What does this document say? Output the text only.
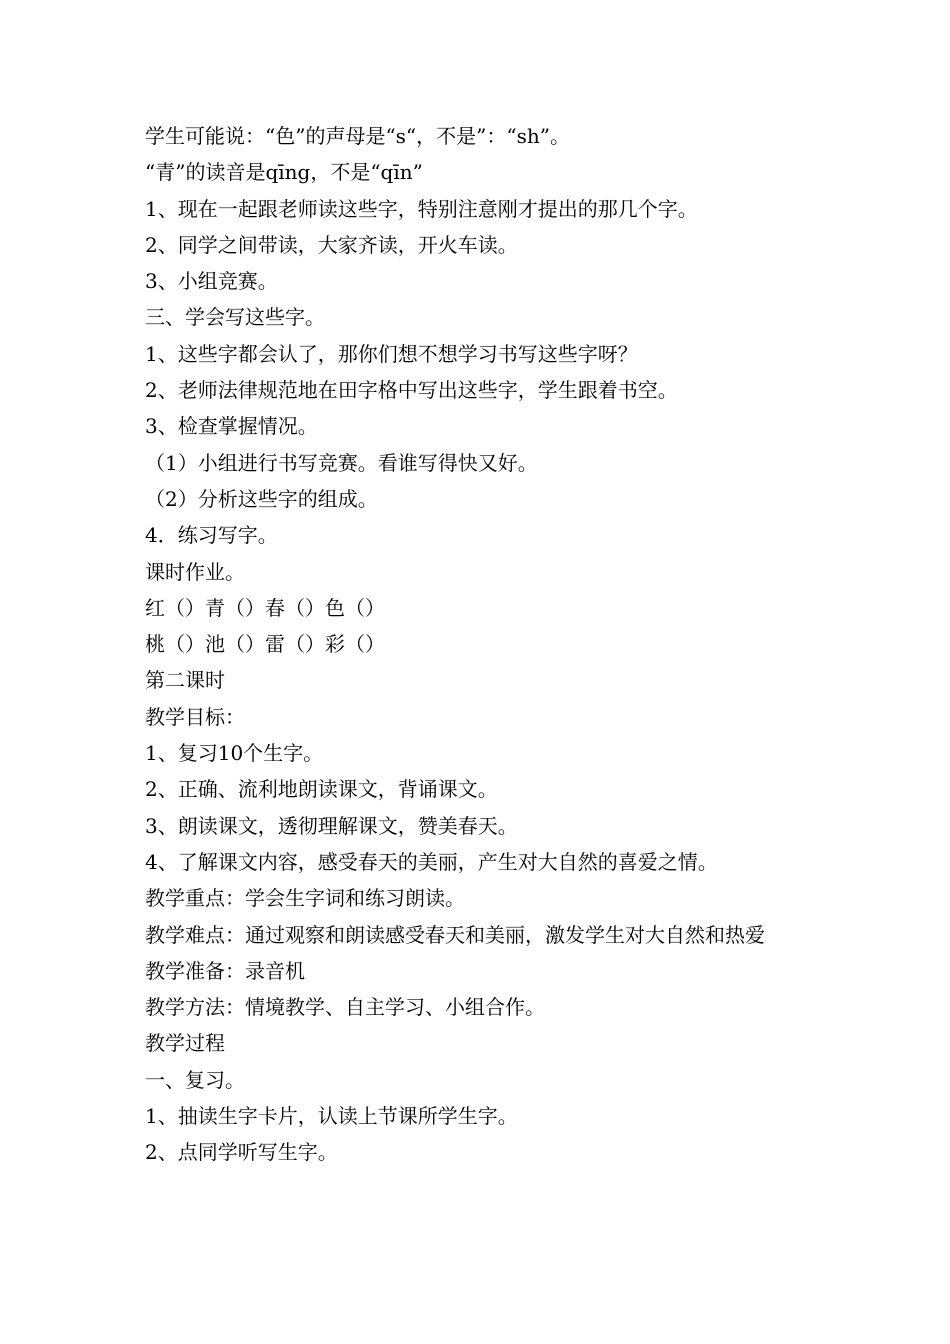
学生可能说：“色”的声母是“s“，不是”：“sh”。

“青”的读音是qīng，不是“qīn”

1、现在一起跟老师读这些字，特别注意刚才提出的那几个字。

2、同学之间带读，大家齐读，开火车读。

3、小组竞赛。

三、学会写这些字。

1、这些字都会认了，那你们想不想学习书写这些字呀？

2、老师法律规范地在田字格中写出这些字，学生跟着书空。

3、检查掌握情况。

（1）小组进行书写竞赛。看谁写得快又好。

（2）分析这些字的组成。

4．练习写字。

课时作业。

红（）青（）春（）色（）

桃（）池（）雷（）彩（）

第二课时

教学目标：

1、复习10个生字。

2、正确、流利地朗读课文，背诵课文。

3、朗读课文，透彻理解课文，赞美春天。

4、了解课文内容，感受春天的美丽，产生对大自然的喜爱之情。

教学重点：学会生字词和练习朗读。

教学难点：通过观察和朗读感受春天和美丽，激发学生对大自然和热爱

教学准备：录音机

教学方法：情境教学、自主学习、小组合作。

教学过程

一、复习。

1、抽读生字卡片，认读上节课所学生字。

2、点同学听写生字。
